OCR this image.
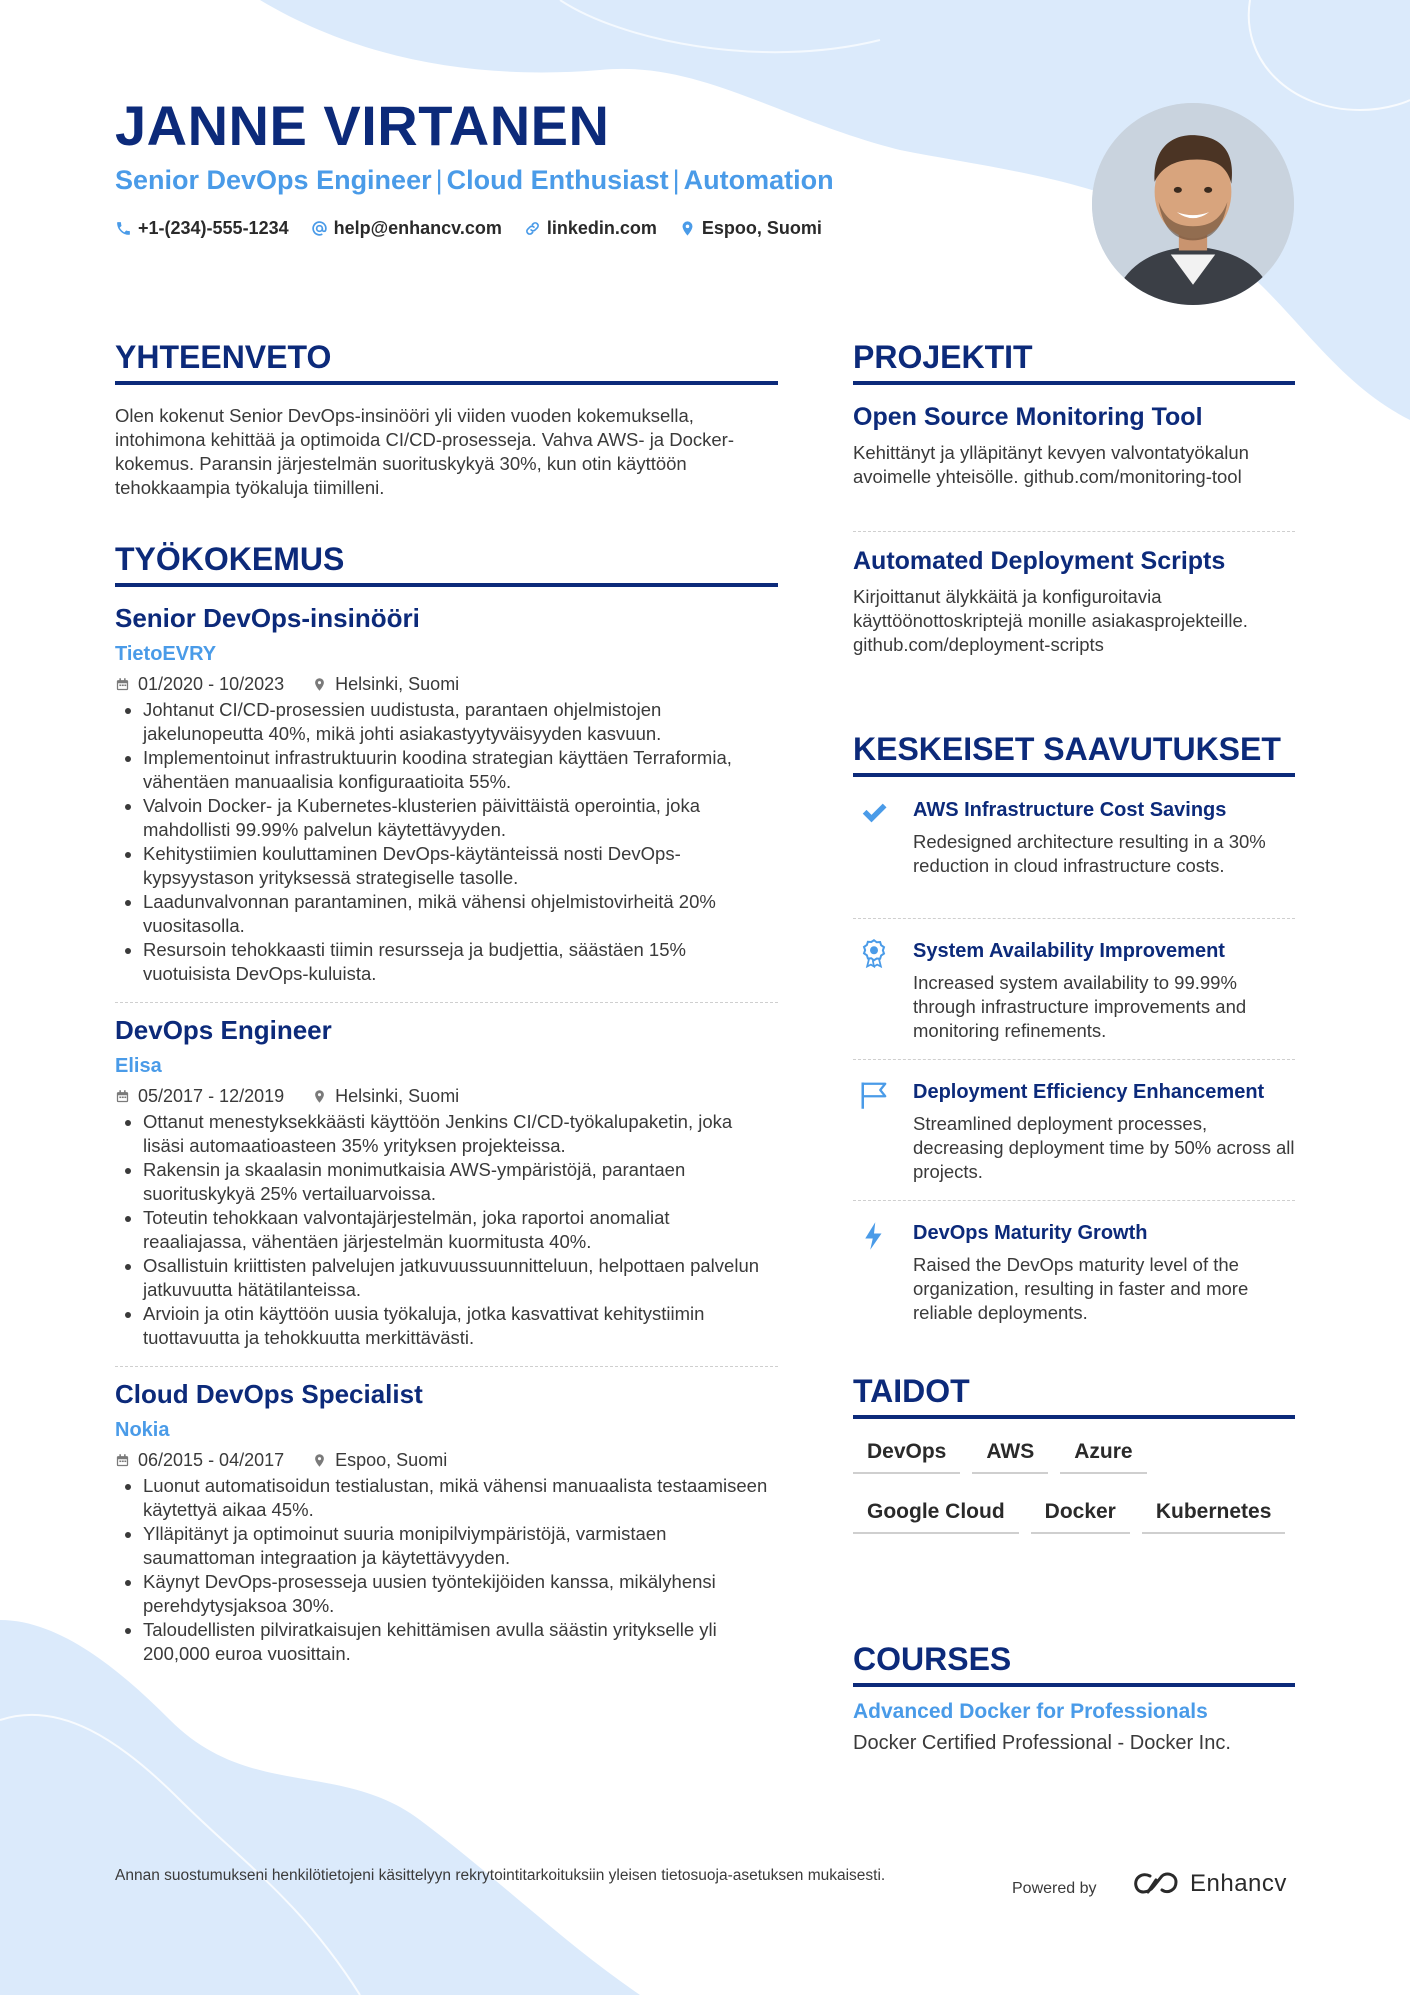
JANNE VIRTANEN
Senior DevOps Engineer | Cloud Enthusiast | Automation
+1-(234)-555-1234	help@enhancv.com	linkedin.com	Espoo, Suomi
YHTEENVETO

Olen kokenut Senior DevOps-insinööri yli viiden vuoden kokemuksella, intohimona kehittää ja optimoida CI/CD-prosesseja. Vahva AWS- ja Docker-kokemus. Paransin järjestelmän suorituskykyä 30%, kun otin käyttöön tehokkaampia työkaluja tiimilleni.

TYÖKOKEMUS
Senior DevOps-insinööri
TietoEVRY
01/2020 - 10/2023	Helsinki, Suomi
• Johtanut CI/CD-prosessien uudistusta, parantaen ohjelmistojen jakelunopeutta 40%, mikä johti asiakastyytyväisyyden kasvuun.
• Implementoinut infrastruktuurin koodina strategian käyttäen Terraformia, vähentäen manuaalisia konfiguraatioita 55%.
• Valvoin Docker- ja Kubernetes-klusterien päivittäistä operointia, joka mahdollisti 99.99% palvelun käytettävyyden.
• Kehitystiimien kouluttaminen DevOps-käytänteissä nosti DevOps-kypsyystason yrityksessä strategiselle tasolle.
• Laadunvalvonnan parantaminen, mikä vähensi ohjelmistovirheitä 20% vuositasolla.
• Resursoin tehokkaasti tiimin resursseja ja budjettia, säästäen 15% vuotuisista DevOps-kuluista.
DevOps Engineer
Elisa
05/2017 - 12/2019	Helsinki, Suomi
• Ottanut menestyksekkäästi käyttöön Jenkins CI/CD-työkalupaketin, joka lisäsi automaatioasteen 35% yrityksen projekteissa.
• Rakensin ja skaalasin monimutkaisia AWS-ympäristöjä, parantaen suorituskykyä 25% vertailuarvoissa.
• Toteutin tehokkaan valvontajärjestelmän, joka raportoi anomaliat reaaliajassa, vähentäen järjestelmän kuormitusta 40%.
• Osallistuin kriittisten palvelujen jatkuvuussuunnitteluun, helpottaen palvelun jatkuvuutta hätätilanteissa.
• Arvioin ja otin käyttöön uusia työkaluja, jotka kasvattivat kehitystiimin tuottavuutta ja tehokkuutta merkittävästi.
Cloud DevOps Specialist
Nokia
06/2015 - 04/2017	Espoo, Suomi
• Luonut automatisoidun testialustan, mikä vähensi manuaalista testaamiseen käytettyä aikaa 45%.
• Ylläpitänyt ja optimoinut suuria monipilviympäristöjä, varmistaen saumattoman integraation ja käytettävyyden.
• Käynyt DevOps-prosesseja uusien työntekijöiden kanssa, mikälyhensi perehdytysjaksoa 30%.
• Taloudellisten pilviratkaisujen kehittämisen avulla säästin yritykselle yli 200,000 euroa vuosittain.
PROJEKTIT
Open Source Monitoring Tool
Kehittänyt ja ylläpitänyt kevyen valvontatyökalun avoimelle yhteisölle. github.com/monitoring-tool
Automated Deployment Scripts
Kirjoittanut älykkäitä ja konfiguroitavia käyttöönottoskriptejä monille asiakasprojekteille. github.com/deployment-scripts
KESKEISET SAAVUTUKSET
AWS Infrastructure Cost Savings
Redesigned architecture resulting in a 30% reduction in cloud infrastructure costs.
System Availability Improvement
Increased system availability to 99.99% through infrastructure improvements and monitoring refinements.
Deployment Efficiency Enhancement
Streamlined deployment processes, decreasing deployment time by 50% across all projects.
DevOps Maturity Growth
Raised the DevOps maturity level of the organization, resulting in faster and more reliable deployments.
TAIDOT
DevOps	AWS	Azure
Google Cloud	Docker	Kubernetes
COURSES
Advanced Docker for Professionals
Docker Certified Professional - Docker Inc.
Annan suostumukseni henkilötietojeni käsittelyyn rekrytointitarkoituksiin yleisen tietosuoja-asetuksen mukaisesti.
Powered by	Enhancv
